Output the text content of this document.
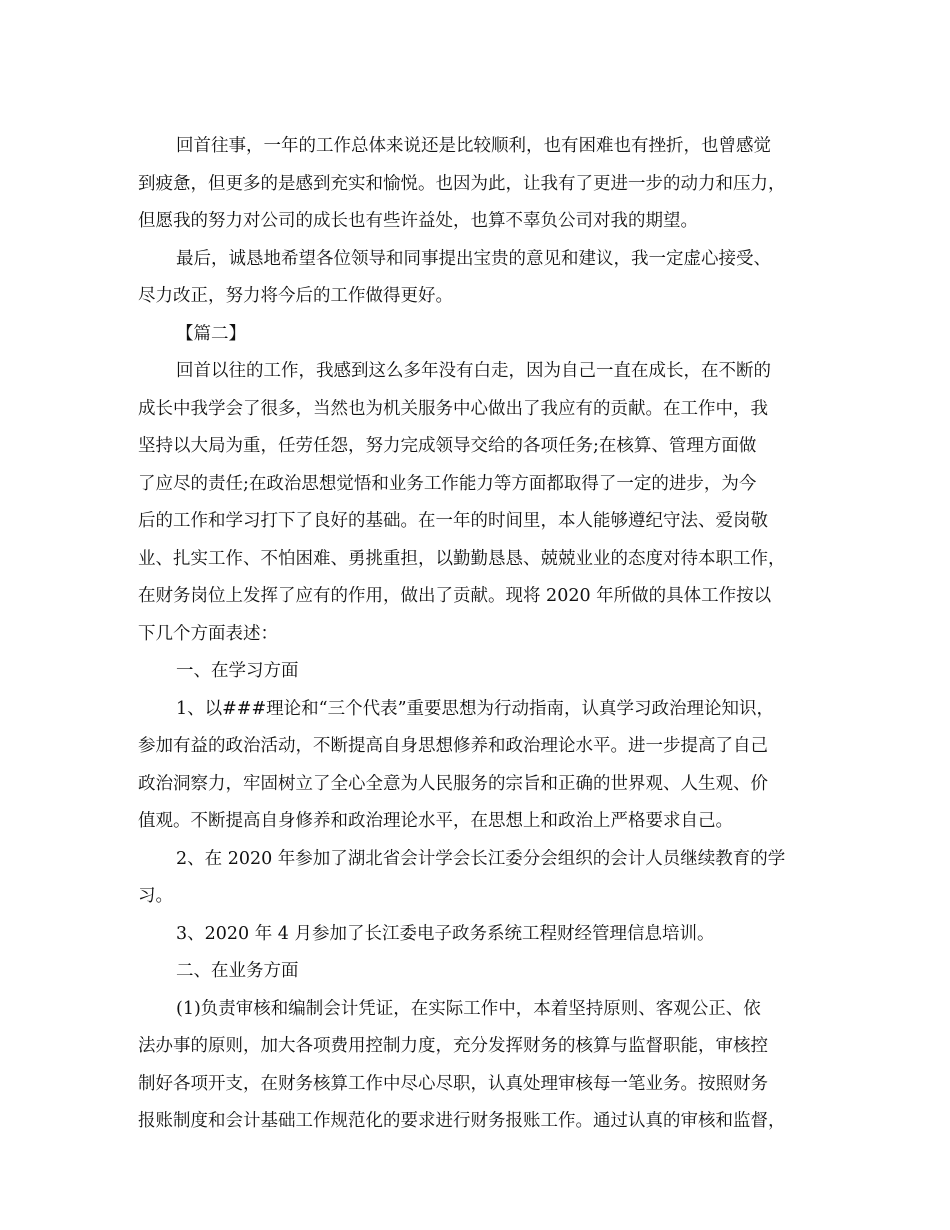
回首往事，一年的工作总体来说还是比较顺利，也有困难也有挫折，也曾感觉
到疲惫，但更多的是感到充实和愉悦。也因为此，让我有了更进一步的动力和压力，
但愿我的努力对公司的成长也有些许益处，也算不辜负公司对我的期望。
最后，诚恳地希望各位领导和同事提出宝贵的意见和建议，我一定虚心接受、
尽力改正，努力将今后的工作做得更好。
【篇二】
回首以往的工作，我感到这么多年没有白走，因为自己一直在成长，在不断的
成长中我学会了很多，当然也为机关服务中心做出了我应有的贡献。在工作中，我
坚持以大局为重，任劳任怨，努力完成领导交给的各项任务;在核算、管理方面做
了应尽的责任;在政治思想觉悟和业务工作能力等方面都取得了一定的进步，为今
后的工作和学习打下了良好的基础。在一年的时间里，本人能够遵纪守法、爱岗敬
业、扎实工作、不怕困难、勇挑重担，以勤勤恳恳、兢兢业业的态度对待本职工作，
在财务岗位上发挥了应有的作用，做出了贡献。现将 2020 年所做的具体工作按以
下几个方面表述：
一、在学习方面
1、以###理论和“三个代表”重要思想为行动指南，认真学习政治理论知识，
参加有益的政治活动，不断提高自身思想修养和政治理论水平。进一步提高了自己
政治洞察力，牢固树立了全心全意为人民服务的宗旨和正确的世界观、人生观、价
值观。不断提高自身修养和政治理论水平，在思想上和政治上严格要求自己。
2、在 2020 年参加了湖北省会计学会长江委分会组织的会计人员继续教育的学
习。
3、2020 年 4 月参加了长江委电子政务系统工程财经管理信息培训。
二、在业务方面
(1)负责审核和编制会计凭证，在实际工作中，本着坚持原则、客观公正、依
法办事的原则，加大各项费用控制力度，充分发挥财务的核算与监督职能，审核控
制好各项开支，在财务核算工作中尽心尽职，认真处理审核每一笔业务。按照财务
报账制度和会计基础工作规范化的要求进行财务报账工作。通过认真的审核和监督，
